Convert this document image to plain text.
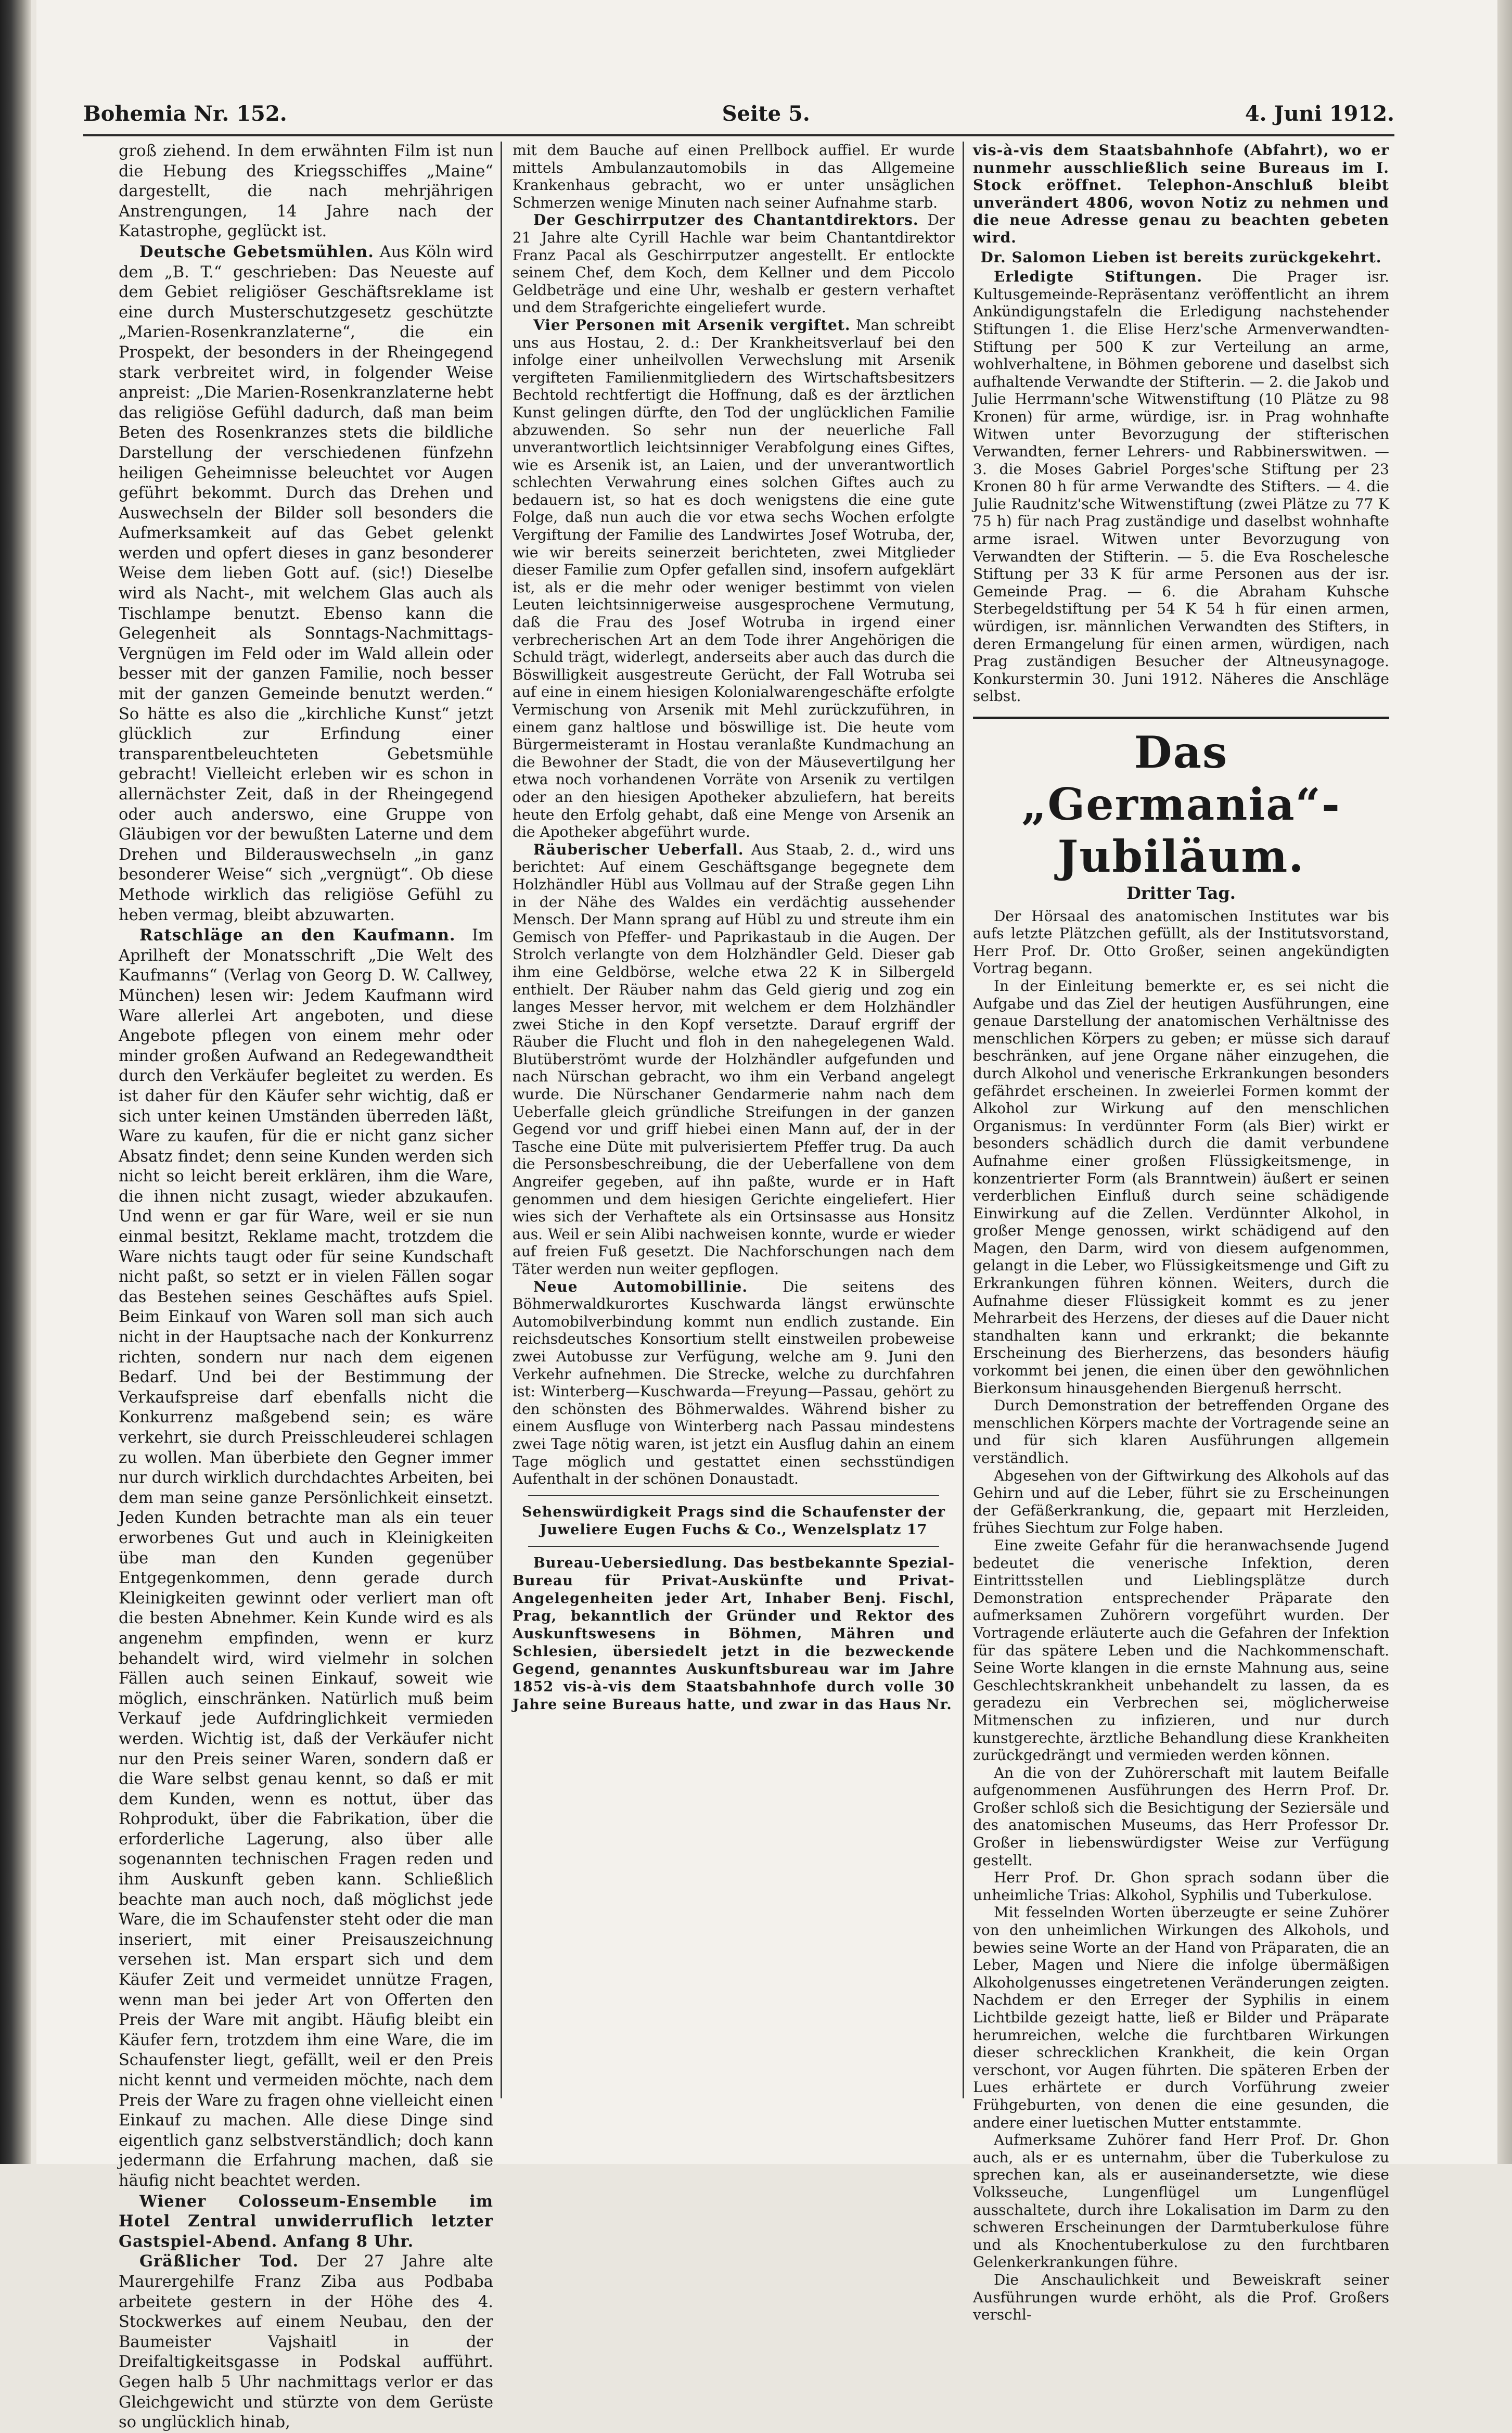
Bohemia Nr. 152.	Seite 5.	4. Juni 1912.

groß ziehend. In dem erwähnten Film ist nun die Hebung des Kriegsschiffes „Maine“ dargestellt, die nach mehrjährigen Anstrengungen, 14 Jahre nach der Katastrophe, geglückt ist.

Deutsche Gebetsmühlen. Aus Köln wird dem „B. T.“ geschrieben: Das Neueste auf dem Gebiet religiöser Geschäftsreklame ist eine durch Musterschutzgesetz geschützte „Marien-Rosenkranzlaterne“, die ein Prospekt, der besonders in der Rheingegend stark verbreitet wird, in folgender Weise anpreist: „Die Marien-Rosenkranzlaterne hebt das religiöse Gefühl dadurch, daß man beim Beten des Rosenkranzes stets die bildliche Darstellung der verschiedenen fünfzehn heiligen Geheimnisse beleuchtet vor Augen geführt bekommt. Durch das Drehen und Auswechseln der Bilder soll besonders die Aufmerksamkeit auf das Gebet gelenkt werden und opfert dieses in ganz besonderer Weise dem lieben Gott auf. (sic!) Dieselbe wird als Nacht-, mit welchem Glas auch als Tischlampe benutzt. Ebenso kann die Gelegenheit als Sonntags-Nachmittags-Vergnügen im Feld oder im Wald allein oder besser mit der ganzen Familie, noch besser mit der ganzen Gemeinde benutzt werden.“ So hätte es also die „kirchliche Kunst“ jetzt glücklich zur Erfindung einer transparentbeleuchteten Gebetsmühle gebracht! Vielleicht erleben wir es schon in allernächster Zeit, daß in der Rheingegend oder auch anderswo, eine Gruppe von Gläubigen vor der bewußten Laterne und dem Drehen und Bilderauswechseln „in ganz besonderer Weise“ sich „vergnügt“. Ob diese Methode wirklich das religiöse Gefühl zu heben vermag, bleibt abzuwarten.

Ratschläge an den Kaufmann. Im Aprilheft der Monatsschrift „Die Welt des Kaufmanns“ (Verlag von Georg D. W. Callwey, München) lesen wir: Jedem Kaufmann wird Ware allerlei Art angeboten, und diese Angebote pflegen von einem mehr oder minder großen Aufwand an Redegewandtheit durch den Verkäufer begleitet zu werden. Es ist daher für den Käufer sehr wichtig, daß er sich unter keinen Umständen überreden läßt, Ware zu kaufen, für die er nicht ganz sicher Absatz findet; denn seine Kunden werden sich nicht so leicht bereit erklären, ihm die Ware, die ihnen nicht zusagt, wieder abzukaufen. Und wenn er gar für Ware, weil er sie nun einmal besitzt, Reklame macht, trotzdem die Ware nichts taugt oder für seine Kundschaft nicht paßt, so setzt er in vielen Fällen sogar das Bestehen seines Geschäftes aufs Spiel. Beim Einkauf von Waren soll man sich auch nicht in der Hauptsache nach der Konkurrenz richten, sondern nur nach dem eigenen Bedarf. Und bei der Bestimmung der Verkaufspreise darf ebenfalls nicht die Konkurrenz maßgebend sein; es wäre verkehrt, sie durch Preisschleuderei schlagen zu wollen. Man überbiete den Gegner immer nur durch wirklich durchdachtes Arbeiten, bei dem man seine ganze Persönlichkeit einsetzt. Jeden Kunden betrachte man als ein teuer erworbenes Gut und auch in Kleinigkeiten übe man den Kunden gegenüber Entgegenkommen, denn gerade durch Kleinigkeiten gewinnt oder verliert man oft die besten Abnehmer. Kein Kunde wird es als angenehm empfinden, wenn er kurz behandelt wird, wird vielmehr in solchen Fällen auch seinen Einkauf, soweit wie möglich, einschränken. Natürlich muß beim Verkauf jede Aufdringlichkeit vermieden werden. Wichtig ist, daß der Verkäufer nicht nur den Preis seiner Waren, sondern daß er die Ware selbst genau kennt, so daß er mit dem Kunden, wenn es nottut, über das Rohprodukt, über die Fabrikation, über die erforderliche Lagerung, also über alle sogenannten technischen Fragen reden und ihm Auskunft geben kann. Schließlich beachte man auch noch, daß möglichst jede Ware, die im Schaufenster steht oder die man inseriert, mit einer Preisauszeichnung versehen ist. Man erspart sich und dem Käufer Zeit und vermeidet unnütze Fragen, wenn man bei jeder Art von Offerten den Preis der Ware mit angibt. Häufig bleibt ein Käufer fern, trotzdem ihm eine Ware, die im Schaufenster liegt, gefällt, weil er den Preis nicht kennt und vermeiden möchte, nach dem Preis der Ware zu fragen ohne vielleicht einen Einkauf zu machen. Alle diese Dinge sind eigentlich ganz selbstverständlich; doch kann jedermann die Erfahrung machen, daß sie häufig nicht beachtet werden.

Wiener Colosseum-Ensemble im Hotel Zentral unwiderruflich letzter Gastspiel-Abend. Anfang 8 Uhr.

Gräßlicher Tod. Der 27 Jahre alte Maurergehilfe Franz Ziba aus Podbaba arbeitete gestern in der Höhe des 4. Stockwerkes auf einem Neubau, den der Baumeister Vajshaitl in der Dreifaltigkeitsgasse in Podskal aufführt. Gegen halb 5 Uhr nachmittags verlor er das Gleichgewicht und stürzte von dem Gerüste so unglücklich hinab,

mit dem Bauche auf einen Prellbock auffiel. Er wurde mittels Ambulanzautomobils in das Allgemeine Krankenhaus gebracht, wo er unter unsäglichen Schmerzen wenige Minuten nach seiner Aufnahme starb.

Der Geschirrputzer des Chantantdirektors. Der 21 Jahre alte Cyrill Hachle war beim Chantantdirektor Franz Pacal als Geschirrputzer angestellt. Er entlockte seinem Chef, dem Koch, dem Kellner und dem Piccolo Geldbeträge und eine Uhr, weshalb er gestern verhaftet und dem Strafgerichte eingeliefert wurde.

Vier Personen mit Arsenik vergiftet. Man schreibt uns aus Hostau, 2. d.: Der Krankheitsverlauf bei den infolge einer unheilvollen Verwechslung mit Arsenik vergifteten Familienmitgliedern des Wirtschaftsbesitzers Bechtold rechtfertigt die Hoffnung, daß es der ärztlichen Kunst gelingen dürfte, den Tod der unglücklichen Familie abzuwenden. So sehr nun der neuerliche Fall unverantwortlich leichtsinniger Verabfolgung eines Giftes, wie es Arsenik ist, an Laien, und der unverantwortlich schlechten Verwahrung eines solchen Giftes auch zu bedauern ist, so hat es doch wenigstens die eine gute Folge, daß nun auch die vor etwa sechs Wochen erfolgte Vergiftung der Familie des Landwirtes Josef Wotruba, der, wie wir bereits seinerzeit berichteten, zwei Mitglieder dieser Familie zum Opfer gefallen sind, insofern aufgeklärt ist, als er die mehr oder weniger bestimmt von vielen Leuten leichtsinnigerweise ausgesprochene Vermutung, daß die Frau des Josef Wotruba in irgend einer verbrecherischen Art an dem Tode ihrer Angehörigen die Schuld trägt, widerlegt, anderseits aber auch das durch die Böswilligkeit ausgestreute Gerücht, der Fall Wotruba sei auf eine in einem hiesigen Kolonialwarengeschäfte erfolgte Vermischung von Arsenik mit Mehl zurückzuführen, in einem ganz haltlose und böswillige ist. Die heute vom Bürgermeisteramt in Hostau veranlaßte Kundmachung an die Bewohner der Stadt, die von der Mäusevertilgung her etwa noch vorhandenen Vorräte von Arsenik zu vertilgen oder an den hiesigen Apotheker abzuliefern, hat bereits heute den Erfolg gehabt, daß eine Menge von Arsenik an die Apotheker abgeführt wurde.

Räuberischer Ueberfall. Aus Staab, 2. d., wird uns berichtet: Auf einem Geschäftsgange begegnete dem Holzhändler Hübl aus Vollmau auf der Straße gegen Lihn in der Nähe des Waldes ein verdächtig aussehender Mensch. Der Mann sprang auf Hübl zu und streute ihm ein Gemisch von Pfeffer- und Paprikastaub in die Augen. Der Strolch verlangte von dem Holzhändler Geld. Dieser gab ihm eine Geldbörse, welche etwa 22 K in Silbergeld enthielt. Der Räuber nahm das Geld gierig und zog ein langes Messer hervor, mit welchem er dem Holzhändler zwei Stiche in den Kopf versetzte. Darauf ergriff der Räuber die Flucht und floh in den nahegelegenen Wald. Blutüberströmt wurde der Holzhändler aufgefunden und nach Nürschan gebracht, wo ihm ein Verband angelegt wurde. Die Nürschaner Gendarmerie nahm nach dem Ueberfalle gleich gründliche Streifungen in der ganzen Gegend vor und griff hiebei einen Mann auf, der in der Tasche eine Düte mit pulverisiertem Pfeffer trug. Da auch die Personsbeschreibung, die der Ueberfallene von dem Angreifer gegeben, auf ihn paßte, wurde er in Haft genommen und dem hiesigen Gerichte eingeliefert. Hier wies sich der Verhaftete als ein Ortsinsasse aus Honsitz aus. Weil er sein Alibi nachweisen konnte, wurde er wieder auf freien Fuß gesetzt. Die Nachforschungen nach dem Täter werden nun weiter gepflogen.

Neue Automobillinie. Die seitens des Böhmerwaldkurortes Kuschwarda längst erwünschte Automobilverbindung kommt nun endlich zustande. Ein reichsdeutsches Konsortium stellt einstweilen probeweise zwei Autobusse zur Verfügung, welche am 9. Juni den Verkehr aufnehmen. Die Strecke, welche zu durchfahren ist: Winterberg—Kuschwarda—Freyung—Passau, gehört zu den schönsten des Böhmerwaldes. Während bisher zu einem Ausfluge von Winterberg nach Passau mindestens zwei Tage nötig waren, ist jetzt ein Ausflug dahin an einem Tage möglich und gestattet einen sechsstündigen Aufenthalt in der schönen Donaustadt.

Sehenswürdigkeit Prags sind die Schaufenster der Juweliere Eugen Fuchs & Co., Wenzelsplatz 17

Bureau-Uebersiedlung. Das bestbekannte Spezial-Bureau für Privat-Auskünfte und Privat-Angelegenheiten jeder Art, Inhaber Benj. Fischl, Prag, bekanntlich der Gründer und Rektor des Auskunftswesens in Böhmen, Mähren und Schlesien, übersiedelt jetzt in die bezweckende Gegend, genanntes Auskunftsbureau war im Jahre 1852 vis-à-vis dem Staatsbahnhofe durch volle 30 Jahre seine Bureaus hatte, und zwar in das Haus Nr.

vis-à-vis dem Staatsbahnhofe (Abfahrt), wo er nunmehr ausschließlich seine Bureaus im I. Stock eröffnet. Telephon-Anschluß bleibt unverändert 4806, wovon Notiz zu nehmen und die neue Adresse genau zu beachten gebeten wird.

Dr. Salomon Lieben ist bereits zurückgekehrt.

Erledigte Stiftungen. Die Prager isr. Kultusgemeinde-Repräsentanz veröffentlicht an ihrem Ankündigungstafeln die Erledigung nachstehender Stiftungen 1. die Elise Herz'sche Armenverwandten-Stiftung per 500 K zur Verteilung an arme, wohlverhaltene, in Böhmen geborene und daselbst sich aufhaltende Verwandte der Stifterin. — 2. die Jakob und Julie Herrmann'sche Witwenstiftung (10 Plätze zu 98 Kronen) für arme, würdige, isr. in Prag wohnhafte Witwen unter Bevorzugung der stifterischen Verwandten, ferner Lehrers- und Rabbinerswitwen. — 3. die Moses Gabriel Porges'sche Stiftung per 23 Kronen 80 h für arme Verwandte des Stifters. — 4. die Julie Raudnitz'sche Witwenstiftung (zwei Plätze zu 77 K 75 h) für nach Prag zuständige und daselbst wohnhafte arme israel. Witwen unter Bevorzugung von Verwandten der Stifterin. — 5. die Eva Roschelesche Stiftung per 33 K für arme Personen aus der isr. Gemeinde Prag. — 6. die Abraham Kuhsche Sterbegeldstiftung per 54 K 54 h für einen armen, würdigen, isr. männlichen Verwandten des Stifters, in deren Ermangelung für einen armen, würdigen, nach Prag zuständigen Besucher der Altneusynagoge. Konkurstermin 30. Juni 1912. Näheres die Anschläge selbst.

Das „Germania“-Jubiläum.
Dritter Tag.

Der Hörsaal des anatomischen Institutes war bis aufs letzte Plätzchen gefüllt, als der Institutsvorstand, Herr Prof. Dr. Otto Großer, seinen angekündigten Vortrag begann.

In der Einleitung bemerkte er, es sei nicht die Aufgabe und das Ziel der heutigen Ausführungen, eine genaue Darstellung der anatomischen Verhältnisse des menschlichen Körpers zu geben; er müsse sich darauf beschränken, auf jene Organe näher einzugehen, die durch Alkohol und venerische Erkrankungen besonders gefährdet erscheinen. In zweierlei Formen kommt der Alkohol zur Wirkung auf den menschlichen Organismus: In verdünnter Form (als Bier) wirkt er besonders schädlich durch die damit verbundene Aufnahme einer großen Flüssigkeitsmenge, in konzentrierter Form (als Branntwein) äußert er seinen verderblichen Einfluß durch seine schädigende Einwirkung auf die Zellen. Verdünnter Alkohol, in großer Menge genossen, wirkt schädigend auf den Magen, den Darm, wird von diesem aufgenommen, gelangt in die Leber, wo Flüssigkeitsmenge und Gift zu Erkrankungen führen können. Weiters, durch die Aufnahme dieser Flüssigkeit kommt es zu jener Mehrarbeit des Herzens, der dieses auf die Dauer nicht standhalten kann und erkrankt; die bekannte Erscheinung des Bierherzens, das besonders häufig vorkommt bei jenen, die einen über den gewöhnlichen Bierkonsum hinausgehenden Biergenuß herrscht.

Durch Demonstration der betreffenden Organe des menschlichen Körpers machte der Vortragende seine an und für sich klaren Ausführungen allgemein verständlich.

Abgesehen von der Giftwirkung des Alkohols auf das Gehirn und auf die Leber, führt sie zu Erscheinungen der Gefäßerkrankung, die, gepaart mit Herzleiden, frühes Siechtum zur Folge haben.

Eine zweite Gefahr für die heranwachsende Jugend bedeutet die venerische Infektion, deren Eintrittsstellen und Lieblingsplätze durch Demonstration entsprechender Präparate den aufmerksamen Zuhörern vorgeführt wurden. Der Vortragende erläuterte auch die Gefahren der Infektion für das spätere Leben und die Nachkommenschaft. Seine Worte klangen in die ernste Mahnung aus, seine Geschlechtskrankheit unbehandelt zu lassen, da es geradezu ein Verbrechen sei, möglicherweise Mitmenschen zu infizieren, und nur durch kunstgerechte, ärztliche Behandlung diese Krankheiten zurückgedrängt und vermieden werden können.

An die von der Zuhörerschaft mit lautem Beifalle aufgenommenen Ausführungen des Herrn Prof. Dr. Großer schloß sich die Besichtigung der Seziersäle und des anatomischen Museums, das Herr Professor Dr. Großer in liebenswürdigster Weise zur Verfügung gestellt.

Herr Prof. Dr. Ghon sprach sodann über die unheimliche Trias: Alkohol, Syphilis und Tuberkulose.

Mit fesselnden Worten überzeugte er seine Zuhörer von den unheimlichen Wirkungen des Alkohols, und bewies seine Worte an der Hand von Präparaten, die an Leber, Magen und Niere die infolge übermäßigen Alkoholgenusses eingetretenen Veränderungen zeigten. Nachdem er den Erreger der Syphilis in einem Lichtbilde gezeigt hatte, ließ er Bilder und Präparate herumreichen, welche die furchtbaren Wirkungen dieser schrecklichen Krankheit, die kein Organ verschont, vor Augen führten. Die späteren Erben der Lues erhärtete er durch Vorführung zweier Frühgeburten, von denen die eine gesunden, die andere einer luetischen Mutter entstammte.

Aufmerksame Zuhörer fand Herr Prof. Dr. Ghon auch, als er es unternahm, über die Tuberkulose zu sprechen kan, als er auseinandersetzte, wie diese Volksseuche, Lungenflügel um Lungenflügel ausschaltete, durch ihre Lokalisation im Darm zu den schweren Erscheinungen der Darmtuberkulose führe und als Knochentuberkulose zu den furchtbaren Gelenkerkrankungen führe.

Die Anschaulichkeit und Beweiskraft seiner Ausführungen wurde erhöht, als die Prof. Großers verschl-
